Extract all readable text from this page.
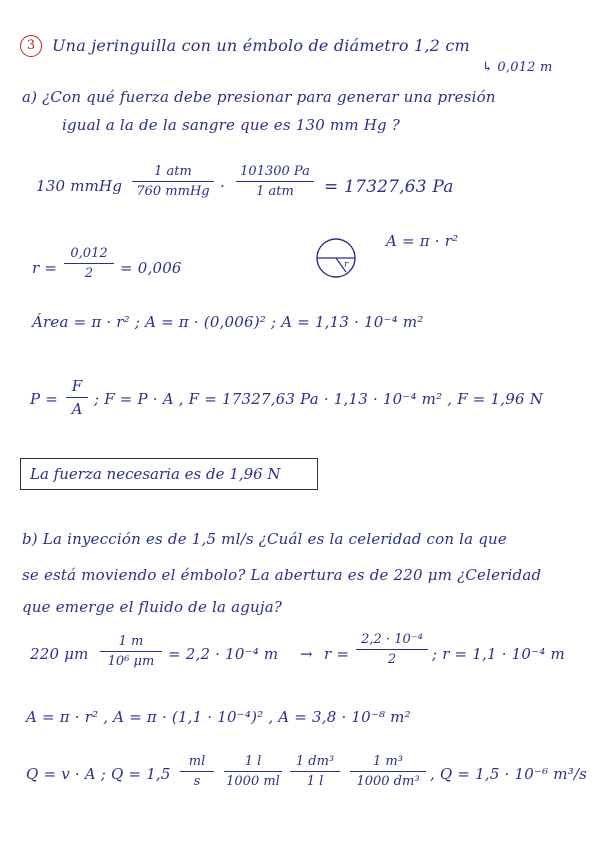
3	Una jeringuilla con un émbolo de diámetro 1,2 cm
↳ 0,012 m
a) ¿Con qué fuerza debe presionar para generar una presión
igual a la de la sangre que es 130 mm Hg ?
130 mmHg
1 atm
760 mmHg ·
101300 Pa
1 atm	= 17327,63 Pa
r
A = π · r²
r =
0,012
2	= 0,006
Área = π · r² ; A = π · (0,006)² ; A = 1,13 · 10⁻⁴ m²
P =
F
A
; F = P · A , F = 17327,63 Pa · 1,13 · 10⁻⁴ m² , F = 1,96 N
La fuerza necesaria es de 1,96 N
b) La inyección es de 1,5 ml/s ¿Cuál es la celeridad con la que
se está moviendo el émbolo? La abertura es de 220 μm ¿Celeridad
que emerge el fluido de la aguja?
220 μm
1 m
10⁶ μm = 2,2 · 10⁻⁴ m → r =
2,2 · 10⁻⁴
2	; r = 1,1 · 10⁻⁴ m
A = π · r² , A = π · (1,1 · 10⁻⁴)² , A = 3,8 · 10⁻⁸ m²
Q = v · A ; Q = 1,5
ml
s
1 l
1000 ml
1 dm³
1 l
1 m³
1000 dm³ , Q = 1,5 · 10⁻⁶ m³/s
